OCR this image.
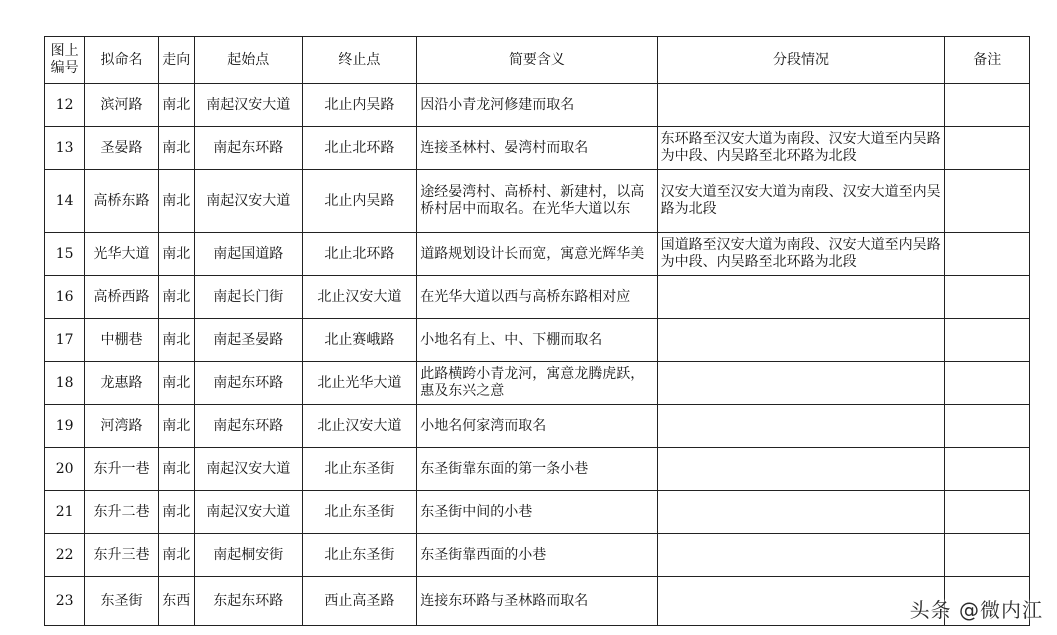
图上编号	拟命名	走向	起始点	终止点	简要含义	分段情况	备注
12	滨河路	南北	南起汉安大道	北止内吴路	因沿小青龙河修建而取名		
13	圣晏路	南北	南起东环路	北止北环路	连接圣林村、晏湾村而取名	东环路至汉安大道为南段、汉安大道至内吴路为中段、内吴路至北环路为北段	
14	高桥东路	南北	南起汉安大道	北止内吴路	途经晏湾村、高桥村、新建村，以高桥村居中而取名。在光华大道以东	汉安大道至汉安大道为南段、汉安大道至内吴路为北段	
15	光华大道	南北	南起国道路	北止北环路	道路规划设计长而宽，寓意光辉华美	国道路至汉安大道为南段、汉安大道至内吴路为中段、内吴路至北环路为北段	
16	高桥西路	南北	南起长门街	北止汉安大道	在光华大道以西与高桥东路相对应		
17	中棚巷	南北	南起圣晏路	北止赛峨路	小地名有上、中、下棚而取名		
18	龙惠路	南北	南起东环路	北止光华大道	此路横跨小青龙河，寓意龙腾虎跃，惠及东兴之意		
19	河湾路	南北	南起东环路	北止汉安大道	小地名何家湾而取名		
20	东升一巷	南北	南起汉安大道	北止东圣街	东圣街靠东面的第一条小巷		
21	东升二巷	南北	南起汉安大道	北止东圣街	东圣街中间的小巷		
22	东升三巷	南北	南起桐安街	北止东圣街	东圣街靠西面的小巷		
23	东圣街	东西	东起东环路	西止高圣路	连接东环路与圣林路而取名			头条 @微内江
